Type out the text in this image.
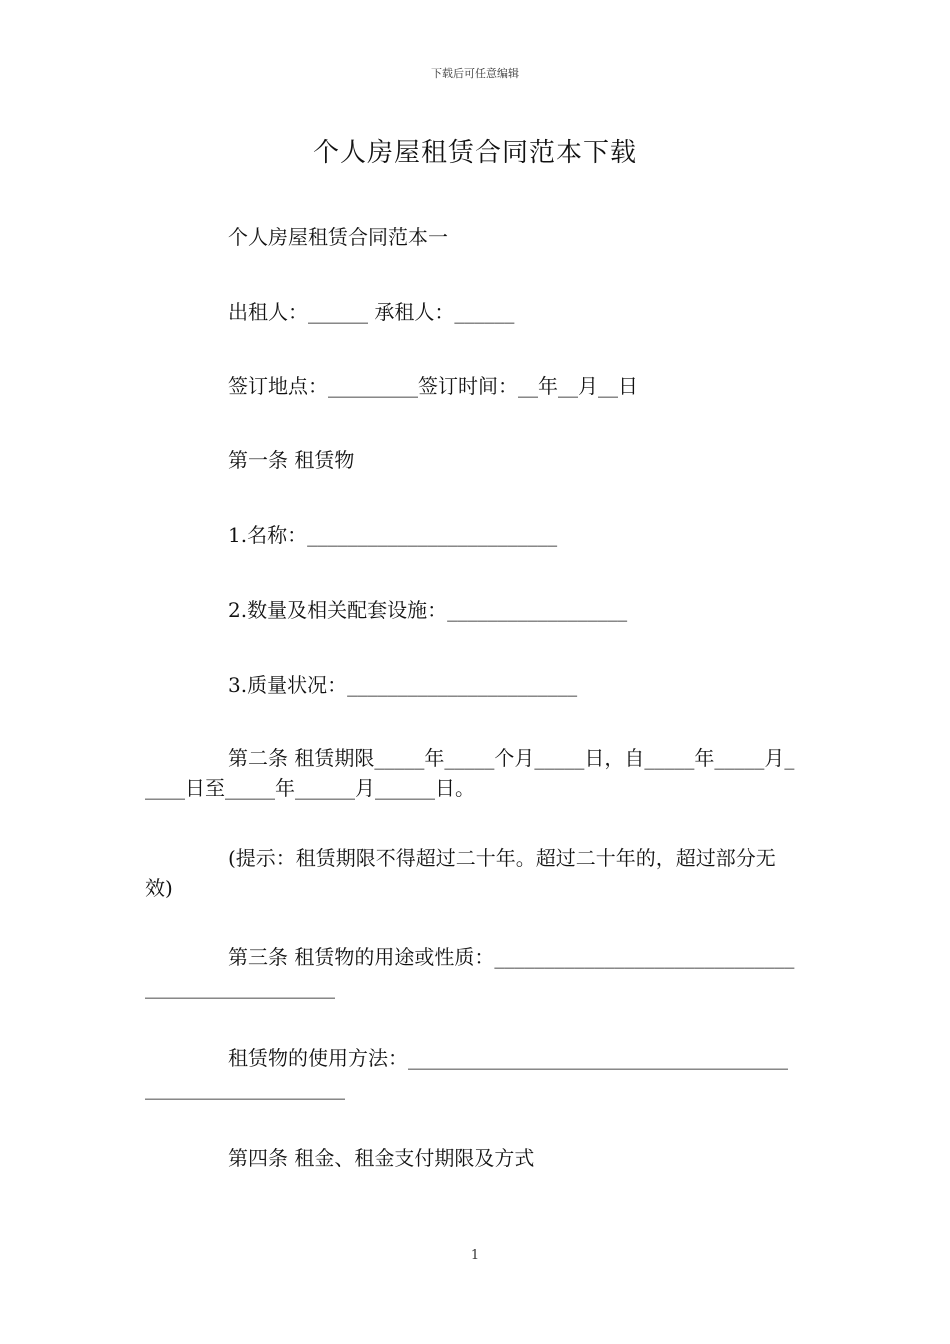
下载后可任意编辑
个人房屋租赁合同范本下载
个人房屋租赁合同范本一
出租人：______ 承租人：______
签订地点：_________签订时间：__年__月__日
第一条 租赁物
1.名称：_________________________
2.数量及相关配套设施：__________________
3.质量状况：_______________________
第二条 租赁期限_____年_____个月_____日，自_____年_____月_____日至_____年______月______日。
(提示：租赁期限不得超过二十年。超过二十年的，超过部分无效)
第三条 租赁物的用途或性质：_________________________________________________
租赁物的使用方法：__________________________________________________________
第四条 租金、租金支付期限及方式
1
